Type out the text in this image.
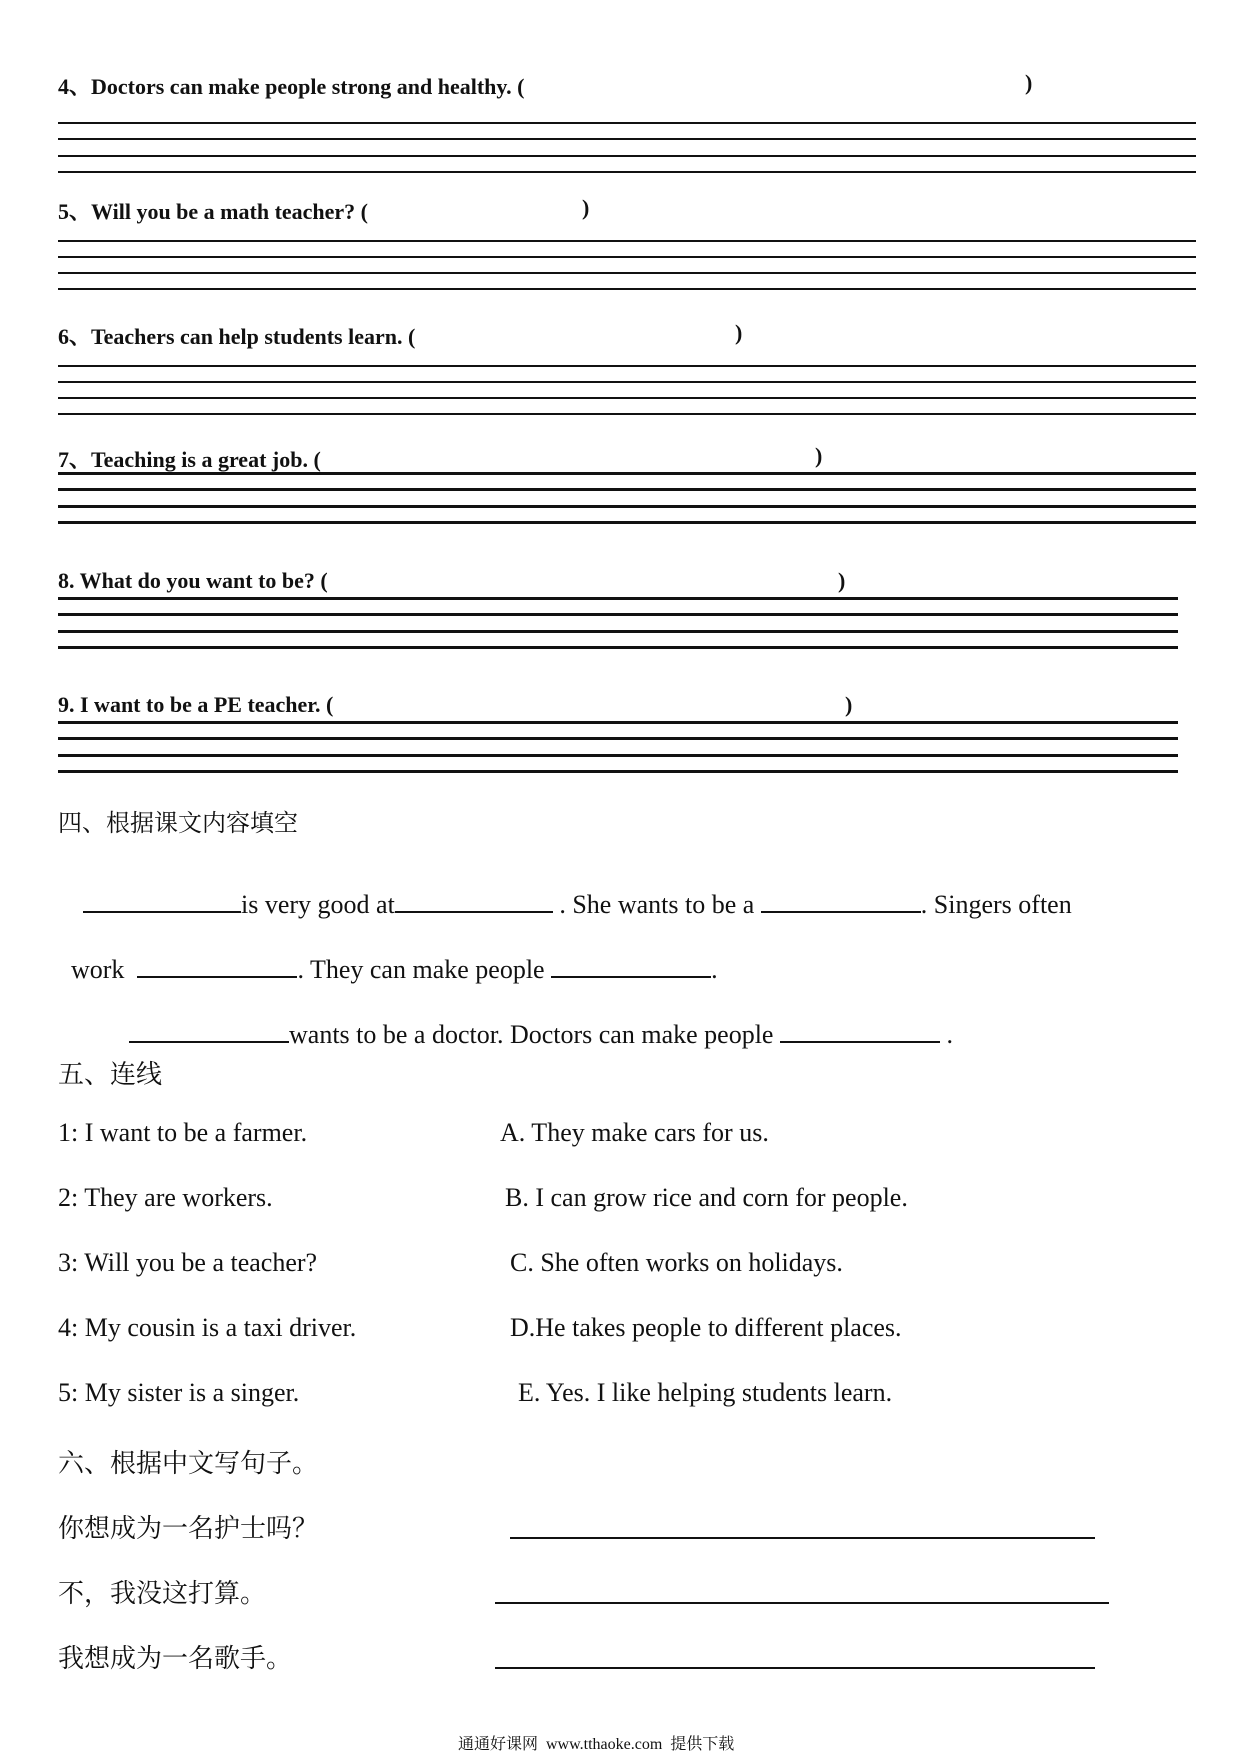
4、Doctors can make people strong and healthy. (	)
5、Will you be a math teacher? (	)
6、Teachers can help students learn. (	)
7、Teaching is a great job. (	)
8. What do you want to be? (	)
9. I want to be a PE teacher. (	)
四、根据课文内容填空

is very good at	. She wants to be a	. Singers often

work	. They can make people	.

wants to be a doctor. Doctors can make people	.

五、连线
1: I want to be a farmer.
2: They are workers.
3: Will you be a teacher?
4: My cousin is a taxi driver.
5: My sister is a singer.
A. They make cars for us.
B. I can grow rice and corn for people.
C. She often works on holidays.
D.He takes people to different places.
E. Yes. I like helping students learn.
六、根据中文写句子。
你想成为一名护士吗？
不，我没这打算。
我想成为一名歌手。
通通好课网  www.tthaoke.com  提供下载
